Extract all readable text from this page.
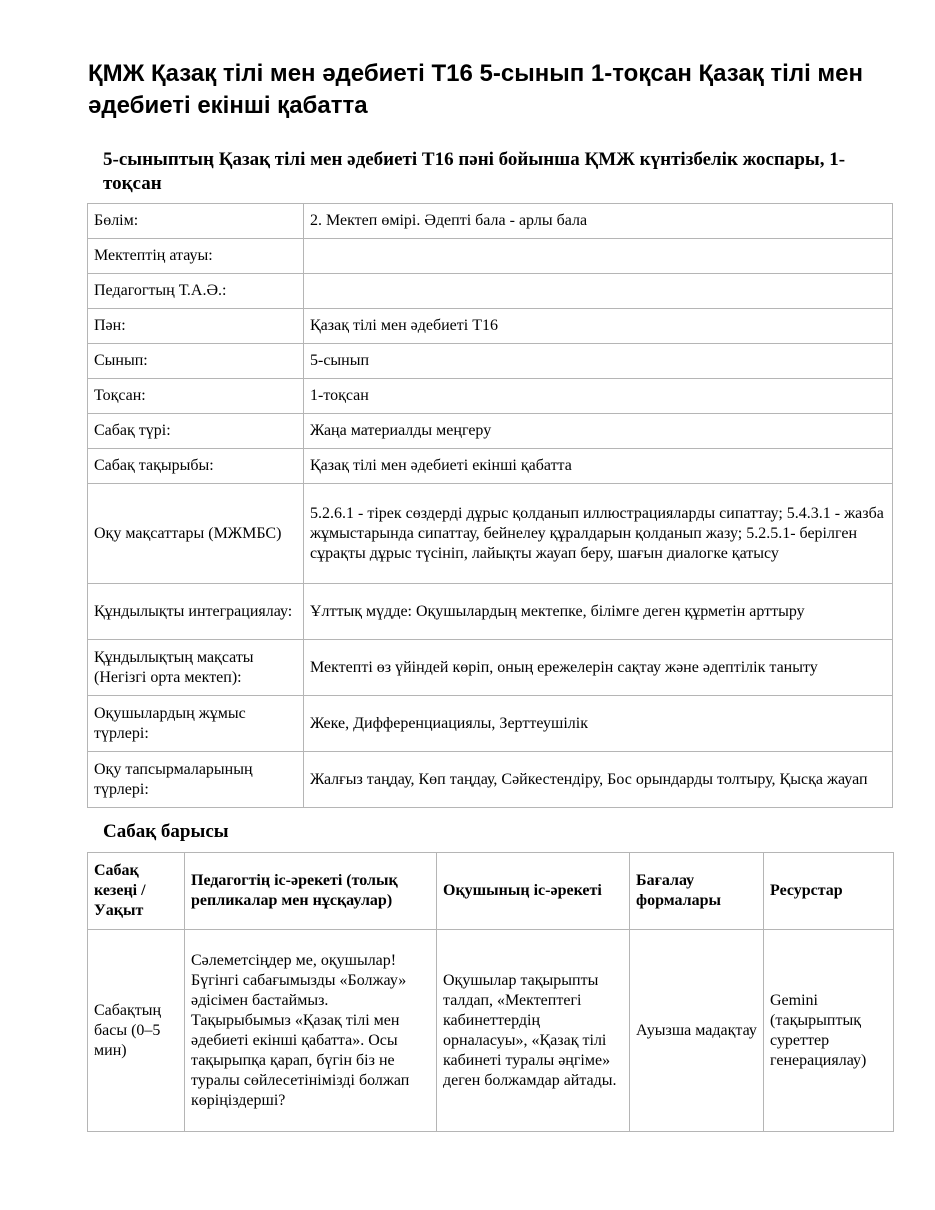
ҚМЖ Қазақ тілі мен әдебиеті Т16 5-сынып 1-тоқсан Қазақ тілі мен әдебиеті екінші қабатта
5-сыныптың Қазақ тілі мен әдебиеті Т16 пәні бойынша ҚМЖ күнтізбелік жоспары, 1-тоқсан
Бөлім:	2. Мектеп өмірі. Әдепті бала - арлы бала
Мектептің атауы:	
Педагогтың Т.А.Ә.:	
Пән:	Қазақ тілі мен әдебиеті Т16
Сынып:	5-сынып
Тоқсан:	1-тоқсан
Сабақ түрі:	Жаңа материалды меңгеру
Сабақ тақырыбы:	Қазақ тілі мен әдебиеті екінші қабатта
Оқу мақсаттары (МЖМБС)	5.2.6.1 - тірек сөздерді дұрыс қолданып иллюстрацияларды сипаттау; 5.4.3.1 - жазба жұмыстарында сипаттау, бейнелеу құралдарын қолданып жазу; 5.2.5.1- берілген сұрақты дұрыс түсініп, лайықты жауап беру, шағын диалогке қатысу
Құндылықты интеграциялау:	Ұлттық мүдде: Оқушылардың мектепке, білімге деген құрметін арттыру
Құндылықтың мақсаты (Негізгі орта мектеп):	Мектепті өз үйіндей көріп, оның ережелерін сақтау және әдептілік таныту
Оқушылардың жұмыс түрлері:	Жеке, Дифференциациялы, Зерттеушілік
Оқу тапсырмаларының түрлері:	Жалғыз таңдау, Көп таңдау, Сәйкестендіру, Бос орындарды толтыру, Қысқа жауап
Сабақ барысы
Сабақ кезеңі / Уақыт	Педагогтің іс-әрекеті (толық репликалар мен нұсқаулар)	Оқушының іс-әрекеті	Бағалау формалары	Ресурстар
Сабақтың басы (0–5 мин)	Сәлеметсіңдер ме, оқушылар! Бүгінгі сабағымызды «Болжау» әдісімен бастаймыз. Тақырыбымыз «Қазақ тілі мен әдебиеті екінші қабатта». Осы тақырыпқа қарап, бүгін біз не туралы сөйлесетінімізді болжап көріңіздерші?	Оқушылар тақырыпты талдап, «Мектептегі кабинеттердің орналасуы», «Қазақ тілі кабинеті туралы әңгіме» деген болжамдар айтады.	Ауызша мадақтау	Gemini (тақырыптық суреттер генерациялау)
